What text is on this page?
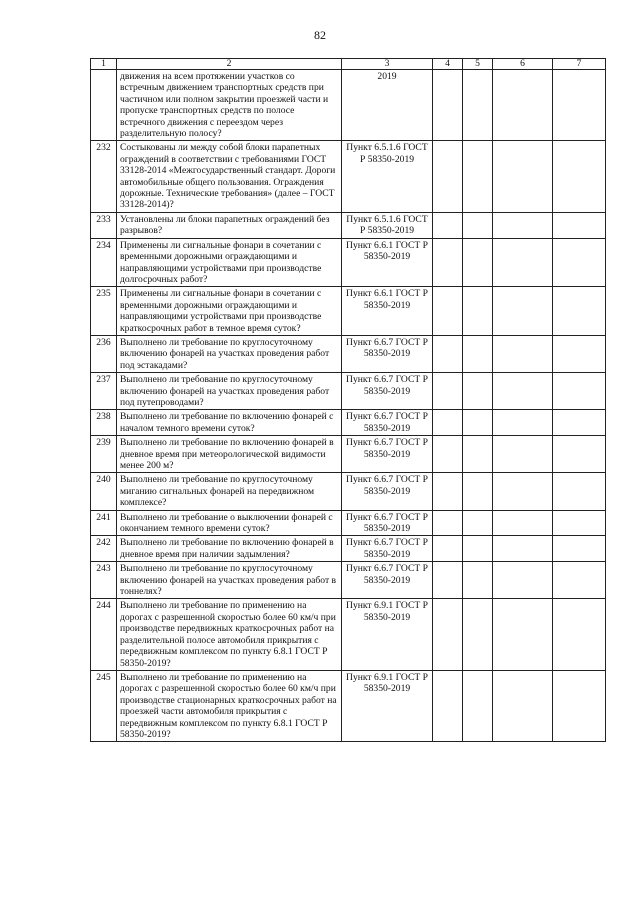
82
1	2	3	4	5	6	7
	движения на всем протяжении участков со встречным движением транспортных средств при частичном или полном закрытии проезжей части и пропуске транспортных средств по полосе встречного движения с переездом через разделительную полосу?	2019				
232	Состыкованы ли между собой блоки парапетных ограждений в соответствии с требованиями ГОСТ 33128-2014 «Межгосударственный стандарт. Дороги автомобильные общего пользования. Ограждения дорожные. Технические требования» (далее – ГОСТ 33128-2014)?	Пункт 6.5.1.6 ГОСТ Р 58350-2019				
233	Установлены ли блоки парапетных ограждений без разрывов?	Пункт 6.5.1.6 ГОСТ Р 58350-2019				
234	Применены ли сигнальные фонари в сочетании с временными дорожными ограждающими и направляющими устройствами при производстве долгосрочных работ?	Пункт 6.6.1 ГОСТ Р 58350-2019				
235	Применены ли сигнальные фонари в сочетании с временными дорожными ограждающими и направляющими устройствами при производстве краткосрочных работ в темное время суток?	Пункт 6.6.1 ГОСТ Р 58350-2019				
236	Выполнено ли требование по круглосуточному включению фонарей на участках проведения работ под эстакадами?	Пункт 6.6.7 ГОСТ Р 58350-2019				
237	Выполнено ли требование по круглосуточному включению фонарей на участках проведения работ под путепроводами?	Пункт 6.6.7 ГОСТ Р 58350-2019				
238	Выполнено ли требование по включению фонарей с началом темного времени суток?	Пункт 6.6.7 ГОСТ Р 58350-2019				
239	Выполнено ли требование по включению фонарей в дневное время при метеорологической видимости менее 200 м?	Пункт 6.6.7 ГОСТ Р 58350-2019				
240	Выполнено ли требование по круглосуточному миганию сигнальных фонарей на передвижном комплексе?	Пункт 6.6.7 ГОСТ Р 58350-2019				
241	Выполнено ли требование о выключении фонарей с окончанием темного времени суток?	Пункт 6.6.7 ГОСТ Р 58350-2019				
242	Выполнено ли требование по включению фонарей в дневное время при наличии задымления?	Пункт 6.6.7 ГОСТ Р 58350-2019				
243	Выполнено ли требование по круглосуточному включению фонарей на участках проведения работ в тоннелях?	Пункт 6.6.7 ГОСТ Р 58350-2019				
244	Выполнено ли требование по применению на дорогах с разрешенной скоростью более 60 км/ч при производстве передвижных краткосрочных работ на разделительной полосе автомобиля прикрытия с передвижным комплексом по пункту 6.8.1 ГОСТ Р 58350-2019?	Пункт 6.9.1 ГОСТ Р 58350-2019				
245	Выполнено ли требование по применению на дорогах с разрешенной скоростью более 60 км/ч при производстве стационарных краткосрочных работ на проезжей части автомобиля прикрытия с передвижным комплексом по пункту 6.8.1 ГОСТ Р 58350-2019?	Пункт 6.9.1 ГОСТ Р 58350-2019				
